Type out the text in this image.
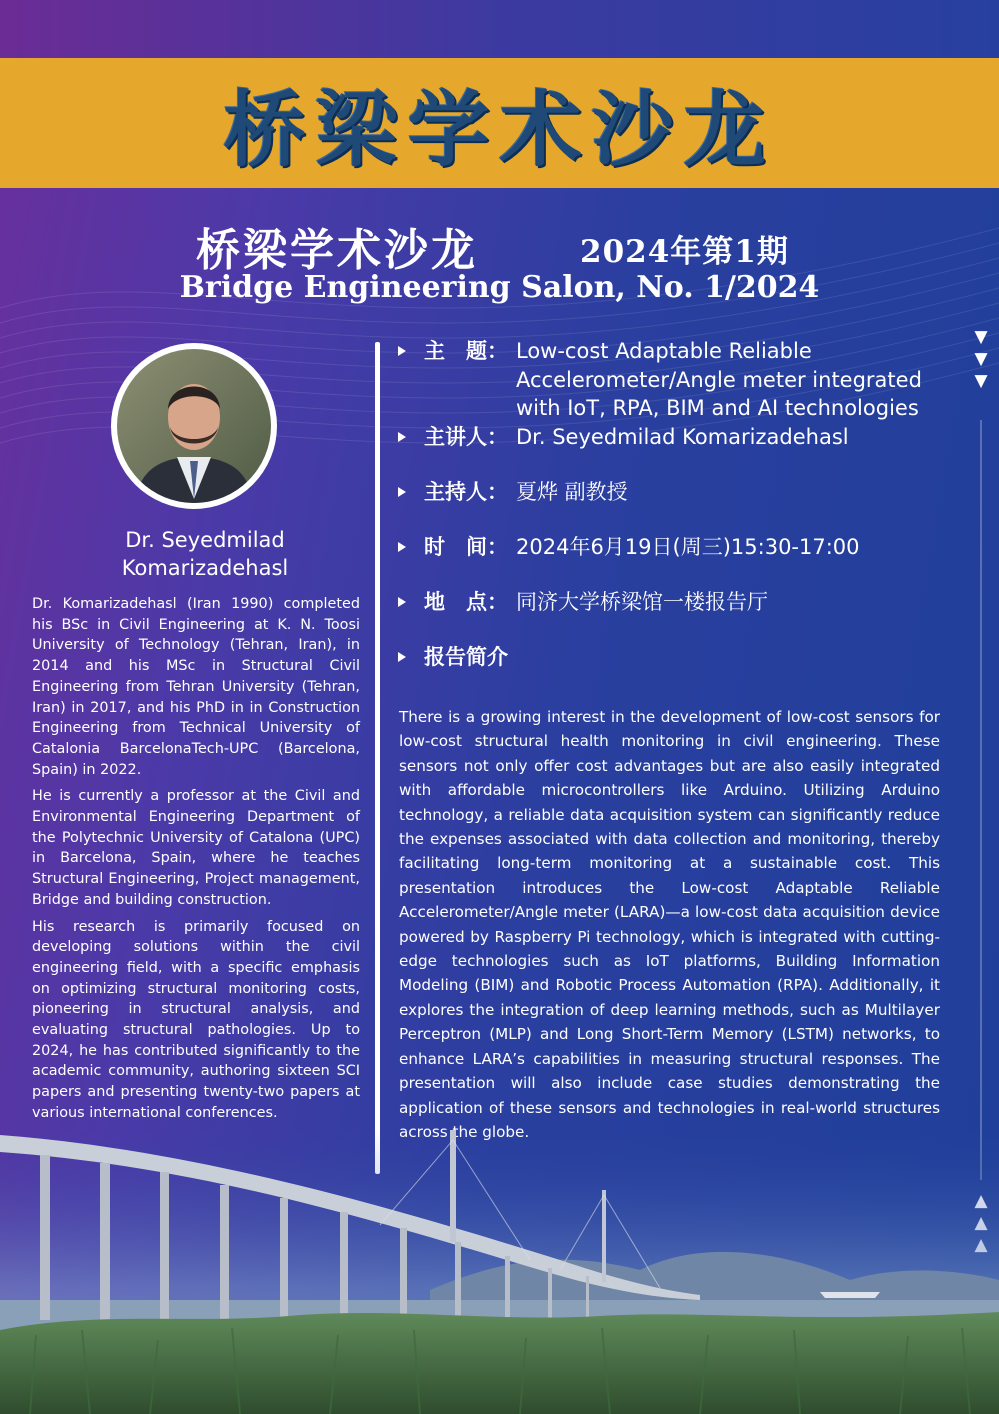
桥梁学术沙龙
桥梁学术沙龙	2024年第1期
Bridge Engineering Salon, No. 1/2024
Dr. Seyedmilad
Komarizadehasl

Dr. Komarizadehasl (Iran 1990) completed his BSc in Civil Engineering at K. N. Toosi University of Technology (Tehran, Iran), in 2014 and his MSc in Structural Civil Engineering from Tehran University (Tehran, Iran) in 2017, and his PhD in in Construction Engineering from Technical University of Catalonia BarcelonaTech-UPC (Barcelona, Spain) in 2022.

He is currently a professor at the Civil and Environmental Engineering Department of the Polytechnic University of Catalona (UPC) in Barcelona, Spain, where he teaches Structural Engineering, Project management, Bridge and building construction.

His research is primarily focused on developing solutions within the civil engineering field, with a specific emphasis on optimizing structural monitoring costs, pioneering in structural analysis, and evaluating structural pathologies. Up to 2024, he has contributed significantly to the academic community, authoring sixteen SCI papers and presenting twenty-two papers at various international conferences.

主　题： Low-cost Adaptable Reliable Accelerometer/Angle meter integrated with IoT, RPA, BIM and AI technologies
主讲人： Dr. Seyedmilad Komarizadehasl
主持人： 夏烨 副教授
时　间： 2024年6月19日(周三)15:30-17:00
地　点： 同济大学桥梁馆一楼报告厅
报告简介
There is a growing interest in the development of low-cost sensors for low-cost structural health monitoring in civil engineering. These sensors not only offer cost advantages but are also easily integrated with affordable microcontrollers like Arduino. Utilizing Arduino technology, a reliable data acquisition system can significantly reduce the expenses associated with data collection and monitoring, thereby facilitating long-term monitoring at a sustainable cost. This presentation introduces the Low-cost Adaptable Reliable Accelerometer/Angle meter (LARA)—a low-cost data acquisition device powered by Raspberry Pi technology, which is integrated with cutting-edge technologies such as IoT platforms, Building Information Modeling (BIM) and Robotic Process Automation (RPA). Additionally, it explores the integration of deep learning methods, such as Multilayer Perceptron (MLP) and Long Short-Term Memory (LSTM) networks, to enhance LARA’s capabilities in measuring structural responses. The presentation will also include case studies demonstrating the application of these sensors and technologies in real-world structures
▼
▼
▼
